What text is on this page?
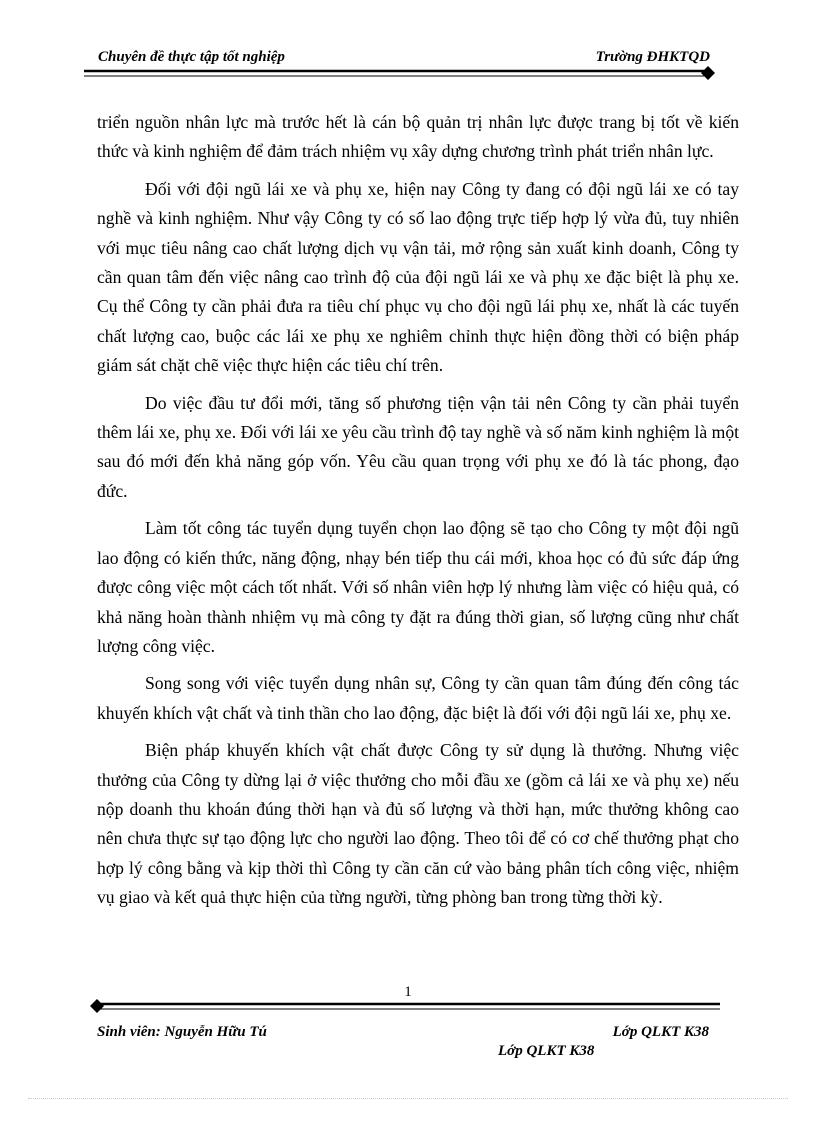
Chuyên đề thực tập tốt nghiệp	Trường ĐHKTQD

triển nguồn nhân lực mà trước hết là cán bộ quản trị nhân lực được trang bị tốt về kiến thức và kinh nghiệm để đảm trách nhiệm vụ xây dựng chương trình phát triển nhân lực.

Đối với đội ngũ lái xe và phụ xe, hiện nay Công ty đang có đội ngũ lái xe có tay nghề và kinh nghiệm. Như vậy Công ty có số lao động trực tiếp hợp lý vừa đủ, tuy nhiên với mục tiêu nâng cao chất lượng dịch vụ vận tải, mở rộng sản xuất kinh doanh, Công ty cần quan tâm đến việc nâng cao trình độ của đội ngũ lái xe và phụ xe đặc biệt là phụ xe. Cụ thể Công ty cần phải đưa ra tiêu chí phục vụ cho đội ngũ lái phụ xe, nhất là các tuyến chất lượng cao, buộc các lái xe phụ xe nghiêm chỉnh thực hiện đồng thời có biện pháp giám sát chặt chẽ việc thực hiện các tiêu chí trên.

Do việc đầu tư đổi mới, tăng số phương tiện vận tải nên Công ty cần phải tuyển thêm lái xe, phụ xe. Đối với lái xe yêu cầu trình độ tay nghề và số năm kinh nghiệm là một sau đó mới đến khả năng góp vốn. Yêu cầu quan trọng với phụ xe đó là tác phong, đạo đức.

Làm tốt công tác tuyển dụng tuyển chọn lao động sẽ tạo cho Công ty một đội ngũ lao động có kiến thức, năng động, nhạy bén tiếp thu cái mới, khoa học có đủ sức đáp ứng được công việc một cách tốt nhất. Với số nhân viên hợp lý nhưng làm việc có hiệu quả, có khả năng hoàn thành nhiệm vụ mà công ty đặt ra đúng thời gian, số lượng cũng như chất lượng công việc.

Song song với việc tuyển dụng nhân sự, Công ty cần quan tâm đúng đến công tác khuyến khích vật chất và tinh thần cho lao động, đặc biệt là đối với đội ngũ lái xe, phụ xe.

Biện pháp khuyến khích vật chất được Công ty sử dụng là thưởng. Nhưng việc thưởng của Công ty dừng lại ở việc thưởng cho mỗi đầu xe (gồm cả lái xe và phụ xe) nếu nộp doanh thu khoán đúng thời hạn và đủ số lượng và thời hạn, mức thưởng không cao nên chưa thực sự tạo động lực cho người lao động. Theo tôi để có cơ chế thưởng phạt cho hợp lý công bằng và kịp thời thì Công ty cần căn cứ vào bảng phân tích công việc, nhiệm vụ giao và kết quả thực hiện của từng người, từng phòng ban trong từng thời kỳ.

1
Sinh viên: Nguyễn Hữu Tú	Lớp QLKT K38
Lớp QLKT K38
